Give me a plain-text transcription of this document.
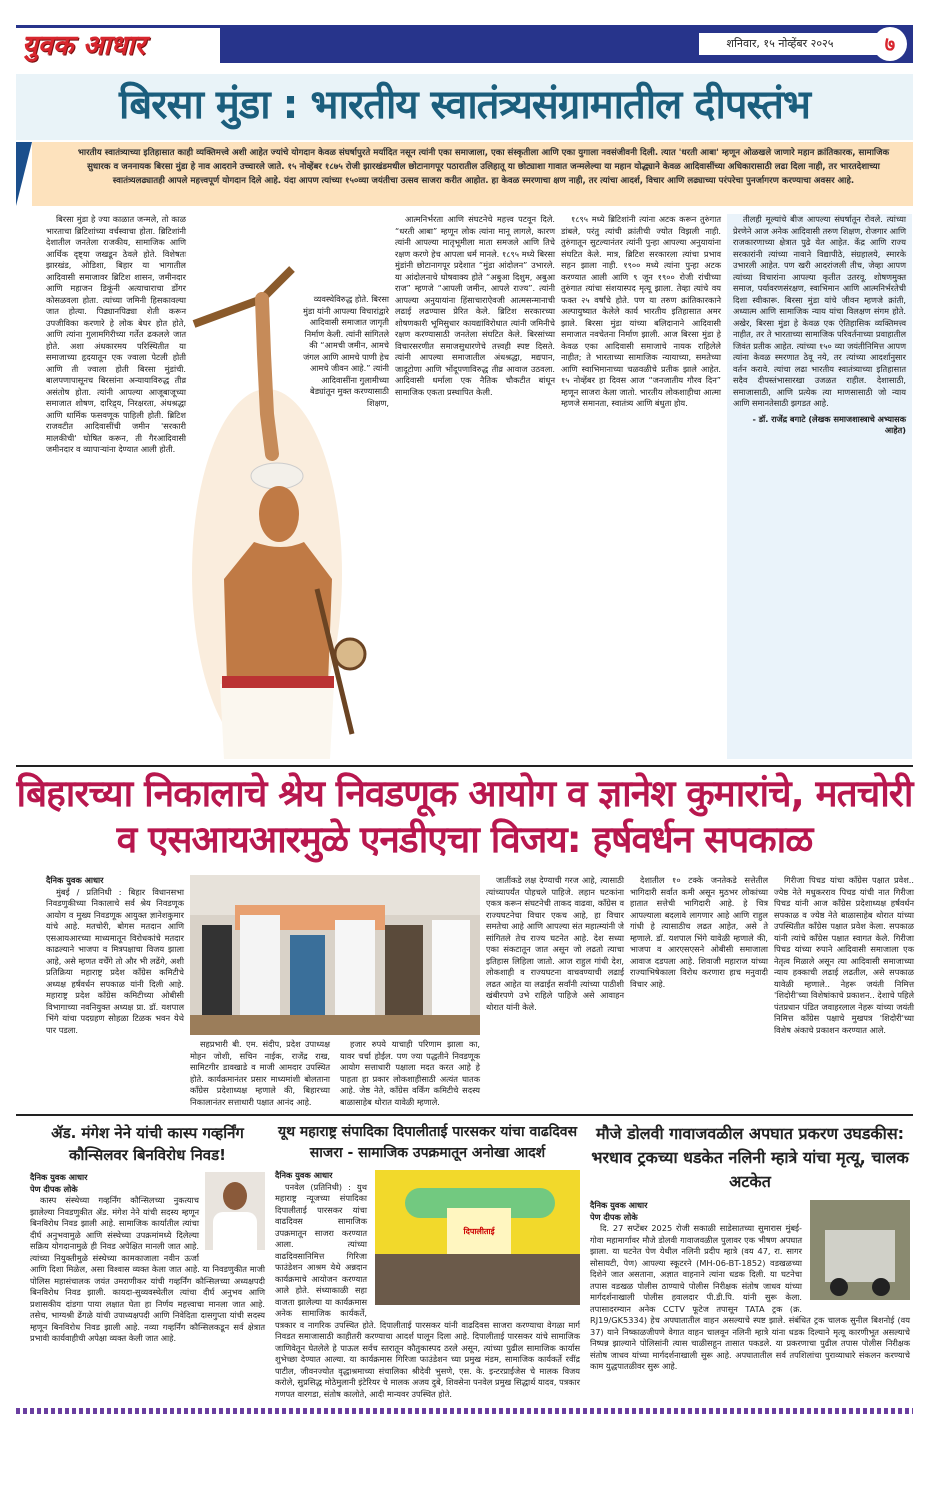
युवक आधार	शनिवार, १५ नोव्हेंबर २०२५	७
बिरसा मुंडा : भारतीय स्वातंत्र्यसंग्रामातील दीपस्तंभ
भारतीय स्वातंत्र्याच्या इतिहासात काही व्यक्तिमत्त्वे अशी आहेत ज्यांचे योगदान केवळ संघर्षापुरते मर्यादित नसून त्यांनी एका समाजाला, एका संस्कृतीला आणि एका युगाला नवसंजीवनी दिली. त्यात 'धरती आबा' म्हणून ओळखले जाणारे महान क्रांतिकारक, सामाजिक सुधारक व जननायक बिरसा मुंडा हे नाव आदराने उच्चारले जाते. १५ नोव्हेंबर १८७५ रोजी झारखंडमधील छोटानागपूर पठारातील उलिहातू या छोट्याशा गावात जन्मलेल्या या महान योद्ध्याने केवळ आदिवासींच्या अधिकारासाठी लढा दिला नाही, तर भारतदेशाच्या स्वातंत्र्यलढ्यातही आपले महत्त्वपूर्ण योगदान दिले आहे. यंदा आपण त्यांच्या १५०व्या जयंतीचा उत्सव साजरा करीत आहोत. हा केवळ स्मरणाचा क्षण नाही, तर त्यांचा आदर्श, विचार आणि लढ्याच्या परंपरेचा पुनर्जागरण करण्याचा अवसर आहे.

बिरसा मुंडा हे ज्या काळात जन्मले, तो काळ भारताचा ब्रिटिशांच्या वर्चस्वाचा होता. ब्रिटिशांनी देशातील जनतेला राजकीय, सामाजिक आणि आर्थिक दृष्ट्या जखडून ठेवले होते. विशेषतः झारखंड, ओडिशा, बिहार या भागातील आदिवासी समाजावर ब्रिटिश शासन, जमीनदार आणि महाजन डिकूंनी अत्याचाराचा डोंगर कोसळवला होता. त्यांच्या जमिनी हिसकावल्या जात होत्या. पिढ्यानपिढ्या शेती करून उपजीविका करणारे हे लोक बेघर होत होते, आणि त्यांना गुलामगिरीच्या गर्तेत ढकलले जात होते. अशा अंधकारमय परिस्थितीत या समाजाच्या हृदयातून एक ज्वाला पेटली होती आणि ती ज्वाला होती बिरसा मुंडांची. बालपणापासूनच बिरसांना अन्यायाविरुद्ध तीव्र असंतोष होता. त्यांनी आपल्या आजूबाजूच्या समाजात शोषण, दारिद्र्य, निरक्षरता, अंधश्रद्धा आणि धार्मिक फसवणूक पाहिली होती. ब्रिटिश राजवटीत आदिवासींची जमीन 'सरकारी मालकीची' घोषित करून, ती गैरआदिवासी जमीनदार व व्यापाऱ्यांना देण्यात आली होती.

व्यवस्थेविरुद्ध होते. बिरसा मुंडा यांनी आपल्या विचारांद्वारे आदिवासी समाजात जागृती निर्माण केली. त्यांनी सांगितले की “आमची जमीन, आमचे जंगल आणि आमचे पाणी हेच आमचे जीवन आहे.” त्यांनी आदिवासींना गुलामीच्या बेड्यांतून मुक्त करण्यासाठी शिक्षण,

आत्मनिर्भरता आणि संघटनेचे महत्त्व पटवून दिले. “धरती आबा” म्हणून लोक त्यांना मानू लागले, कारण त्यांनी आपल्या मातृभूमीला माता समजले आणि तिचे रक्षण करणे हेच आपला धर्म मानले. १८९५ मध्ये बिरसा मुंडांनी छोटानागपूर प्रदेशात “मुंडा आंदोलन” उभारले. या आंदोलनाचे घोषवाक्य होते “अबुआ दिशुम, अबुआ राज” म्हणजे “आपली जमीन, आपले राज्य”. त्यांनी आपल्या अनुयायांना हिंसाचाराऐवजी आत्मसन्मानाची लढाई लढण्यास प्रेरित केले. ब्रिटिश सरकारच्या शोषणकारी भूमिसुधार कायद्यांविरोधात त्यांनी जमिनीचे रक्षण करण्यासाठी जनतेला संघटित केले. बिरसांच्या विचारसरणीत समाजसुधारणेचे तत्त्वही स्पष्ट दिसते. त्यांनी आपल्या समाजातील अंधश्रद्धा, मद्यपान, जादूटोणा आणि भोंदूपणाविरुद्ध तीव्र आवाज उठवला. आदिवासी धर्माला एक नैतिक चौकटीत बांधून सामाजिक एकता प्रस्थापित केली.

१८९५ मध्ये ब्रिटिशांनी त्यांना अटक करून तुरुंगात डांबले, परंतु त्यांची क्रांतीची ज्योत विझली नाही. तुरुंगातून सुटल्यानंतर त्यांनी पुन्हा आपल्या अनुयायांना संघटित केले. मात्र, ब्रिटिश सरकारला त्यांचा प्रभाव सहन झाला नाही. १९०० मध्ये त्यांना पुन्हा अटक करण्यात आली आणि ९ जून १९०० रोजी रांचीच्या तुरुंगात त्यांचा संशयास्पद मृत्यू झाला. तेव्हा त्यांचे वय फक्त २५ वर्षांचे होते. पण या तरुण क्रांतिकारकाने अल्पायुष्यात केलेले कार्य भारतीय इतिहासात अमर झाले. बिरसा मुंडा यांच्या बलिदानाने आदिवासी समाजात नवचेतना निर्माण झाली. आज बिरसा मुंडा हे केवळ एका आदिवासी समाजाचे नायक राहिलेले नाहीत; ते भारताच्या सामाजिक न्यायाच्या, समतेच्या आणि स्वाभिमानाच्या चळवळीचे प्रतीक झाले आहेत. १५ नोव्हेंबर हा दिवस आज “जनजातीय गौरव दिन” म्हणून साजरा केला जातो. भारतीय लोकशाहीचा आत्मा म्हणजे समानता, स्वातंत्र्य आणि बंधुता होय.

तीलही मूल्यांचे बीज आपल्या संघर्षातून रोवले. त्यांच्या प्रेरणेने आज अनेक आदिवासी तरुण शिक्षण, रोजगार आणि राजकारणाच्या क्षेत्रात पुढे येत आहेत. केंद्र आणि राज्य सरकारांनी त्यांच्या नावाने विद्यापीठे, संग्रहालये, स्मारके उभारली आहेत. पण खरी आदरांजली तीच, जेव्हा आपण त्यांच्या विचारांना आपल्या कृतीत उतरवू. शोषणमुक्त समाज, पर्यावरणसंरक्षण, स्वाभिमान आणि आत्मनिर्भरतेची दिशा स्वीकारू. बिरसा मुंडा यांचे जीवन म्हणजे क्रांती, अध्यात्म आणि सामाजिक न्याय यांचा विलक्षण संगम होते. अखेर, बिरसा मुंडा हे केवळ एक ऐतिहासिक व्यक्तिमत्त्व नाहीत, तर ते भारताच्या सामाजिक परिवर्तनाच्या प्रवाहातील जिवंत प्रतीक आहेत. त्यांच्या १५० व्या जयंतीनिमित्त आपण त्यांना केवळ स्मरणात ठेवू नये, तर त्यांच्या आदर्शानुसार वर्तन करावे. त्यांचा लढा भारतीय स्वातंत्र्याच्या इतिहासात सदैव दीपस्तंभासारखा उजळत राहील. देशासाठी, समाजासाठी, आणि प्रत्येक त्या माणसासाठी जो न्याय आणि समानतेसाठी झगडत आहे.

- डॉ. राजेंद्र बगाटे (लेखक समाजशास्त्राचे अभ्यासक आहेत)

बिहारच्या निकालाचे श्रेय निवडणूक आयोग व ज्ञानेश कुमारांचे, मतचोरी व एसआयआरमुळे एनडीएचा विजय: हर्षवर्धन सपकाळ
दैनिक युवक आधार

मुंबई / प्रतिनिधी : बिहार विधानसभा निवडणुकीच्या निकालाचे सर्व श्रेय निवडणूक आयोग व मुख्य निवडणूक आयुक्त ज्ञानेशकुमार यांचे आहे. मतचोरी, बोगस मतदान आणि एसआयआरच्या माध्यमातून विरोधकांचे मतदार काढल्याने भाजपा व मित्रपक्षाचा विजय झाला आहे, असे म्हणत वर्चेंगे तो और भी लढेंगे, अशी प्रतिक्रिया महाराष्ट्र प्रदेश काँग्रेस कमिटीचे अध्यक्ष हर्षवर्धन सपकाळ यांनी दिली आहे. महाराष्ट्र प्रदेश काँग्रेस कमिटीच्या ओबीसी विभागाच्या नवनियुक्त अध्यक्ष प्रा. डॉ. यशपाल भिंगे यांचा पदग्रहण सोहळा टिळक भवन येथे पार पडला.

सहप्रभारी बी. एम. संदीप, प्रदेश उपाध्यक्ष मोहन जोशी, सचिन नाईक, राजेंद्र राख, सामिटगीर डावखाडे व माजी आमदार उपस्थित होते. कार्यक्रमानंतर प्रसार माध्यमांशी बोलताना काँग्रेस प्रदेशाध्यक्ष म्हणाले की, बिहारच्या निकालानंतर सत्ताधारी पक्षात आनंद आहे.

हजार रुपये याचाही परिणाम झाला का, यावर चर्चा होईल. पण ज्या पद्धतीने निवडणूक आयोग सत्ताधारी पक्षाला मदत करत आहे हे पाहता हा प्रकार लोकशाहीसाठी अत्यंत घातक आहे. जेष्ठ नेते, काँग्रेस वर्किंग कमिटीचे सदस्य बाळासाहेब थोरात यावेळी म्हणाले.

जातींकडे लक्ष देण्याची गरज आहे, त्यासाठी त्यांच्यापर्यंत पोहचले पाहिजे. लहान घटकांना एकत्र करून संघटनेची ताकद वाढवा, काँग्रेस व राज्यघटनेचा विचार एकच आहे, हा विचार समतेचा आहे आणि आपल्या संत महात्म्यांनी जे सांगितले तेच राज्य घटनेत आहे. देश सध्या एका संकटातून जात असून जो लढतो त्याचा इतिहास लिहिला जातो. आज राहुल गांधी देश, लोकशाही व राज्यघटना वाचवण्याची लढाई लढत आहेत या लढाईत सर्वांनी त्यांच्या पाठीशी खंबीरपणे उभे राहिले पाहिजे असे आवाहन थोरात यांनी केले.

देशातील १० टक्के जनतेकडे सत्तेतील भागिदारी सर्वात कमी असून मुठभर लोकांच्या हातात सत्तेची भागिदारी आहे. हे चित्र आपल्याला बदलावे लागणार आहे आणि राहुल गांधी हे त्यासाठीच लढत आहेत, असे ते म्हणाले. डॉ. यशपाल भिंगे यावेळी म्हणाले की, भाजपा व आरएसएसने ओबीसी समाजाला आवाज दडपला आहे. शिवाजी महाराज यांच्या राज्याभिषेकाला विरोध करणारा हाच मनुवादी विचार आहे.

गिरीजा पिचड यांचा काँग्रेस पक्षात प्रवेश.. ज्येष्ठ नेते मधुकरराव पिचड यांची नात गिरीजा पिचड यांनी आज काँग्रेस प्रदेशाध्यक्ष हर्षवर्धन सपकाळ व ज्येष्ठ नेते बाळासाहेब थोरात यांच्या उपस्थितीत काँग्रेस पक्षात प्रवेश केला. सपकाळ यांनी त्यांचे काँग्रेस पक्षात स्वागत केले. गिरीजा पिचड यांच्या रुपाने आदिवासी समाजाला एक नेतृत्व मिळाले असून त्या आदिवासी समाजाच्या न्याय हक्काची लढाई लढतील, असे सपकाळ यावेळी म्हणाले.. नेहरू जयंती निमित्त 'शिदोरी'च्या विशेषांकाचे प्रकाशन.. देशाचे पहिले पंतप्रधान पंडित जवाहरलाल नेहरू यांच्या जयंती निमित्त काँग्रेस पक्षाचे मुखपत्र 'शिदोरी'च्या विशेष अंकाचे प्रकाशन करण्यात आले.

ॲड. मंगेश नेने यांची कास्प गव्हर्निंग कौन्सिलवर बिनविरोध निवड!
दैनिक युवक आधार
पेण दीपक लोके

कास्प संस्थेच्या गव्हर्निंग कौन्सिलच्या नुकत्याच झालेल्या निवडणुकीत ॲड. मंगेश नेने यांची सदस्य म्हणून बिनविरोध निवड झाली आहे. सामाजिक कार्यातील त्यांचा दीर्घ अनुभवामुळे आणि संस्थेच्या उपक्रमांमध्ये दिलेल्या सक्रिय योगदानामुळे ही निवड अपेक्षित मानली जात आहे. त्यांच्या नियुक्तीमुळे संस्थेच्या कामकाजाला नवीन ऊर्जा आणि दिशा मिळेल, असा विश्वास व्यक्त केला जात आहे. या निवडणुकीत माजी पोलिस महासंचालक जयंत उमराणीकर यांची गव्हर्निंग कौन्सिलच्या अध्यक्षपदी बिनविरोध निवड झाली. कायदा-सुव्यवस्थेतील त्यांचा दीर्घ अनुभव आणि प्रशासकीय दांडगा पाया लक्षात घेता हा निर्णय महत्त्वाचा मानला जात आहे. तसेच, भाग्यश्री ढेंगळे यांची उपाध्यक्षपदी आणि निवेदिता दासगुप्ता यांची सदस्य म्हणून बिनविरोध निवड झाली आहे. नव्या गव्हर्निंग कौन्सिलकडून सर्व क्षेत्रात प्रभावी कार्यवाहीची अपेक्षा व्यक्त केली जात आहे.

यूथ महाराष्ट्र संपादिका दिपालीताई पारसकर यांचा वाढदिवस साजरा - सामाजिक उपक्रमातून अनोखा आदर्श
दिपालीताई
दैनिक युवक आधार

पनवेल (प्रतिनिधी) : युथ महाराष्ट्र न्यूजच्या संपादिका दिपालीताई पारसकर यांचा वाढदिवस सामाजिक उपक्रमातून साजरा करण्यात आला. त्यांच्या वाढदिवसानिमित्त गिरिजा फाउंडेशन आश्रम येथे अन्नदान कार्यक्रमाचे आयोजन करण्यात आले होते. संध्याकाळी सहा वाजता झालेल्या या कार्यक्रमास अनेक सामाजिक कार्यकर्ते, पत्रकार व नागरिक उपस्थित होते. दिपालीताई पारसकर यांनी वाढदिवस साजरा करण्याचा वेगळा मार्ग निवडत समाजासाठी काहीतरी करण्याचा आदर्श घालून दिला आहे. दिपालीताई पारसकर यांचे सामाजिक जाणिवेतून घेतलेले हे पाऊल सर्वच स्तरातून कौतुकास्पद ठरले असून, त्यांच्या पुढील सामाजिक कार्यास शुभेच्छा देण्यात आल्या. या कार्यक्रमास गिरिजा फाउंडेशन च्या प्रमुख मंडम, सामाजिक कार्यकर्ते रवींद्र पाटील, जीवनज्योत वृद्धाश्रमाच्या संचालिका श्रीदेवी भुसणे, एस. के. इन्टरप्राईजेस चे मालक विजय करोले, सुप्रसिद्ध मोठेमुलानी इंटेरियर चे मालक अजय दुबे, शिवसेना पनवेल प्रमुख सिद्धार्थ यादव, पत्रकार गणपत वारगडा, संतोष कालोते, आदी मान्यवर उपस्थित होते.

मौजे डोलवी गावाजवळील अपघात प्रकरण उघडकीस: भरधाव ट्रकच्या धडकेत नलिनी म्हात्रे यांचा मृत्यू, चालक अटकेत
दैनिक युवक आधार
पेण दीपक लोके

दि. 27 सप्टेंबर 2025 रोजी सकाळी साडेसातच्या सुमारास मुंबई-गोवा महामार्गावर मौजे डोलवी गावाजवळील पुलावर एक भीषण अपघात झाला. या घटनेत पेण येथील नलिनी प्रदीप म्हात्रे (वय 47, रा. सागर सोसायटी, पेण) आपल्या स्कूटरने (MH-06-BT-1852) वडखळच्या दिशेने जात असताना, अज्ञात वाहनाने त्यांना धडक दिली. या घटनेचा तपास वडखळ पोलीस ठाण्याचे पोलीस निरीक्षक संतोष जाधव यांच्या मार्गदर्शनाखाली पोलीस हवालदार पी.डी.पि. यांनी सुरू केला. तपासादरम्यान अनेक CCTV फूटेज तपासून TATA ट्रक (क्र. RJ19/GK5334) हेच अपघातातील वाहन असल्याचे स्पष्ट झाले. संबंधित ट्रक चालक सुनील बिशनोई (वय 37) याने निष्काळजीपणे वेगात वाहन चालवून नलिनी म्हात्रे यांना धडक दिल्याने मृत्यू कारणीभूत असल्याचे निष्पन्न झाल्याने पोलिसांनी त्यास चाळीसहून तासात पकडले. या प्रकरणाचा पुढील तपास पोलीस निरीक्षक संतोष जाधव यांच्या मार्गदर्शनाखाली सुरू आहे. अपघातातील सर्व तपशिलांचा पुराव्याधारे संकलन करण्याचे काम युद्धपातळीवर सुरू आहे.
